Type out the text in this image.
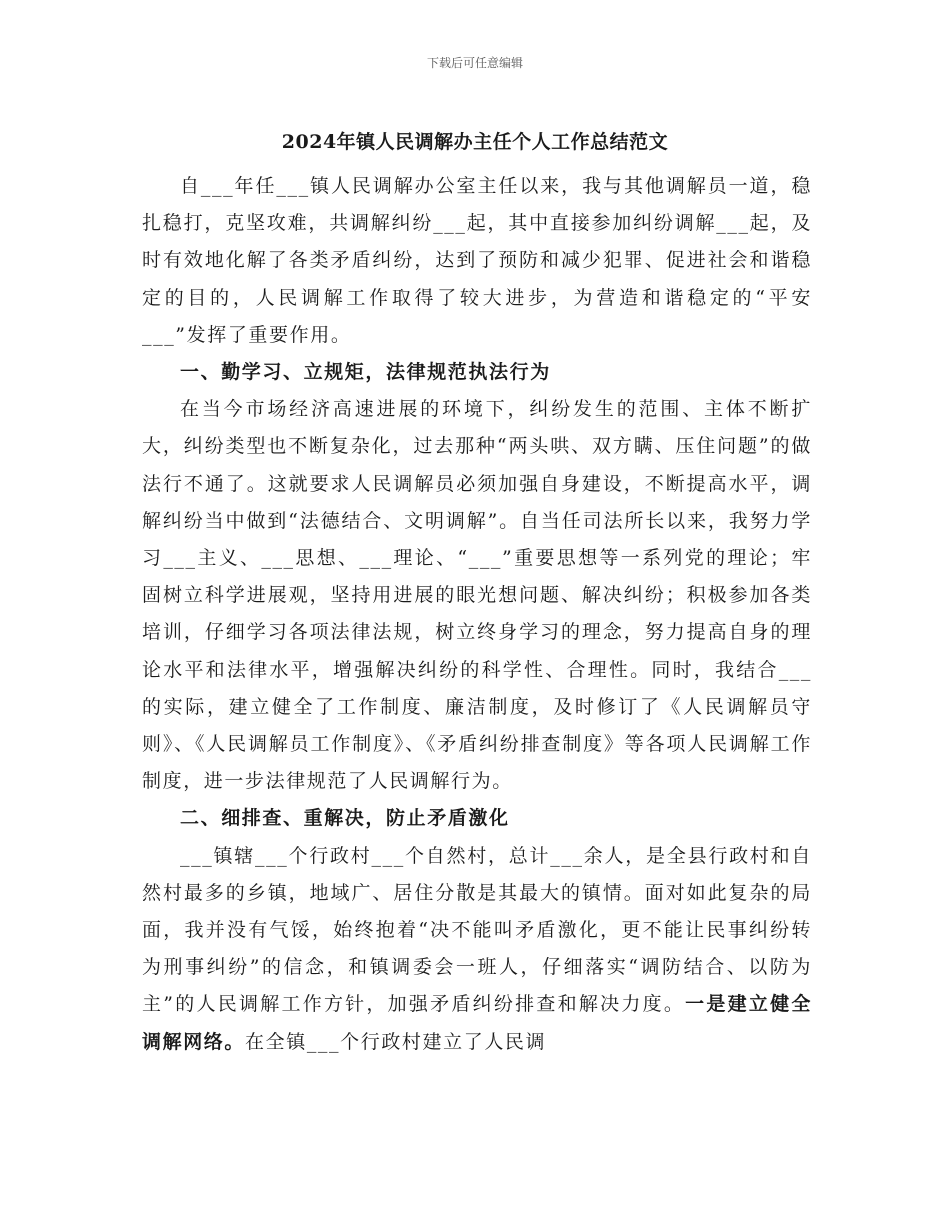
下载后可任意编辑
2024年镇人民调解办主任个人工作总结范文

自___年任___镇人民调解办公室主任以来，我与其他调解员一道，稳扎稳打，克坚攻难，共调解纠纷___起，其中直接参加纠纷调解___起，及时有效地化解了各类矛盾纠纷，达到了预防和减少犯罪、促进社会和谐稳定的目的，人民调解工作取得了较大进步，为营造和谐稳定的“平安___”发挥了重要作用。

一、勤学习、立规矩，法律规范执法行为

在当今市场经济高速进展的环境下，纠纷发生的范围、主体不断扩大，纠纷类型也不断复杂化，过去那种“两头哄、双方瞒、压住问题”的做法行不通了。这就要求人民调解员必须加强自身建设，不断提高水平，调解纠纷当中做到“法德结合、文明调解”。自当任司法所长以来，我努力学习___主义、___思想、___理论、“___”重要思想等一系列党的理论；牢固树立科学进展观，坚持用进展的眼光想问题、解决纠纷；积极参加各类培训，仔细学习各项法律法规，树立终身学习的理念，努力提高自身的理论水平和法律水平，增强解决纠纷的科学性、合理性。同时，我结合___的实际，建立健全了工作制度、廉洁制度，及时修订了《人民调解员守则》、《人民调解员工作制度》、《矛盾纠纷排查制度》等各项人民调解工作制度，进一步法律规范了人民调解行为。

二、细排查、重解决，防止矛盾激化

___镇辖___个行政村___个自然村，总计___余人，是全县行政村和自然村最多的乡镇，地域广、居住分散是其最大的镇情。面对如此复杂的局面，我并没有气馁，始终抱着“决不能叫矛盾激化，更不能让民事纠纷转为刑事纠纷”的信念，和镇调委会一班人，仔细落实“调防结合、以防为主”的人民调解工作方针，加强矛盾纠纷排查和解决力度。一是建立健全调解网络。在全镇___个行政村建立了人民调
